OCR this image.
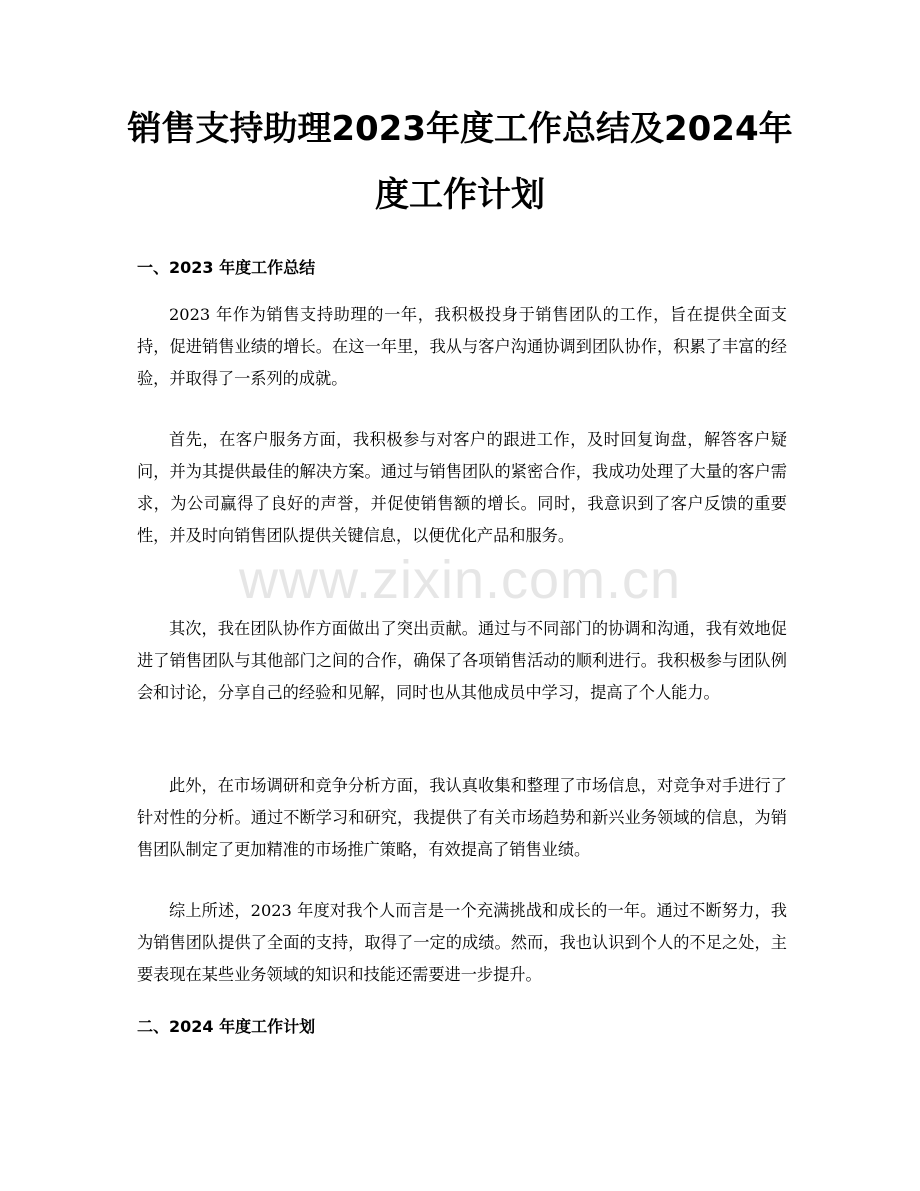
www.zixin.com.cn
销售支持助理2023年度工作总结及2024年度工作计划
一、2023 年度工作总结

2023 年作为销售支持助理的一年，我积极投身于销售团队的工作，旨在提供全面支持，促进销售业绩的增长。在这一年里，我从与客户沟通协调到团队协作，积累了丰富的经验，并取得了一系列的成就。

首先，在客户服务方面，我积极参与对客户的跟进工作，及时回复询盘，解答客户疑问，并为其提供最佳的解决方案。通过与销售团队的紧密合作，我成功处理了大量的客户需求，为公司赢得了良好的声誉，并促使销售额的增长。同时，我意识到了客户反馈的重要性，并及时向销售团队提供关键信息，以便优化产品和服务。

其次，我在团队协作方面做出了突出贡献。通过与不同部门的协调和沟通，我有效地促进了销售团队与其他部门之间的合作，确保了各项销售活动的顺利进行。我积极参与团队例会和讨论，分享自己的经验和见解，同时也从其他成员中学习，提高了个人能力。

此外，在市场调研和竞争分析方面，我认真收集和整理了市场信息，对竞争对手进行了针对性的分析。通过不断学习和研究，我提供了有关市场趋势和新兴业务领域的信息，为销售团队制定了更加精准的市场推广策略，有效提高了销售业绩。

综上所述，2023 年度对我个人而言是一个充满挑战和成长的一年。通过不断努力，我为销售团队提供了全面的支持，取得了一定的成绩。然而，我也认识到个人的不足之处，主要表现在某些业务领域的知识和技能还需要进一步提升。

二、2024 年度工作计划
